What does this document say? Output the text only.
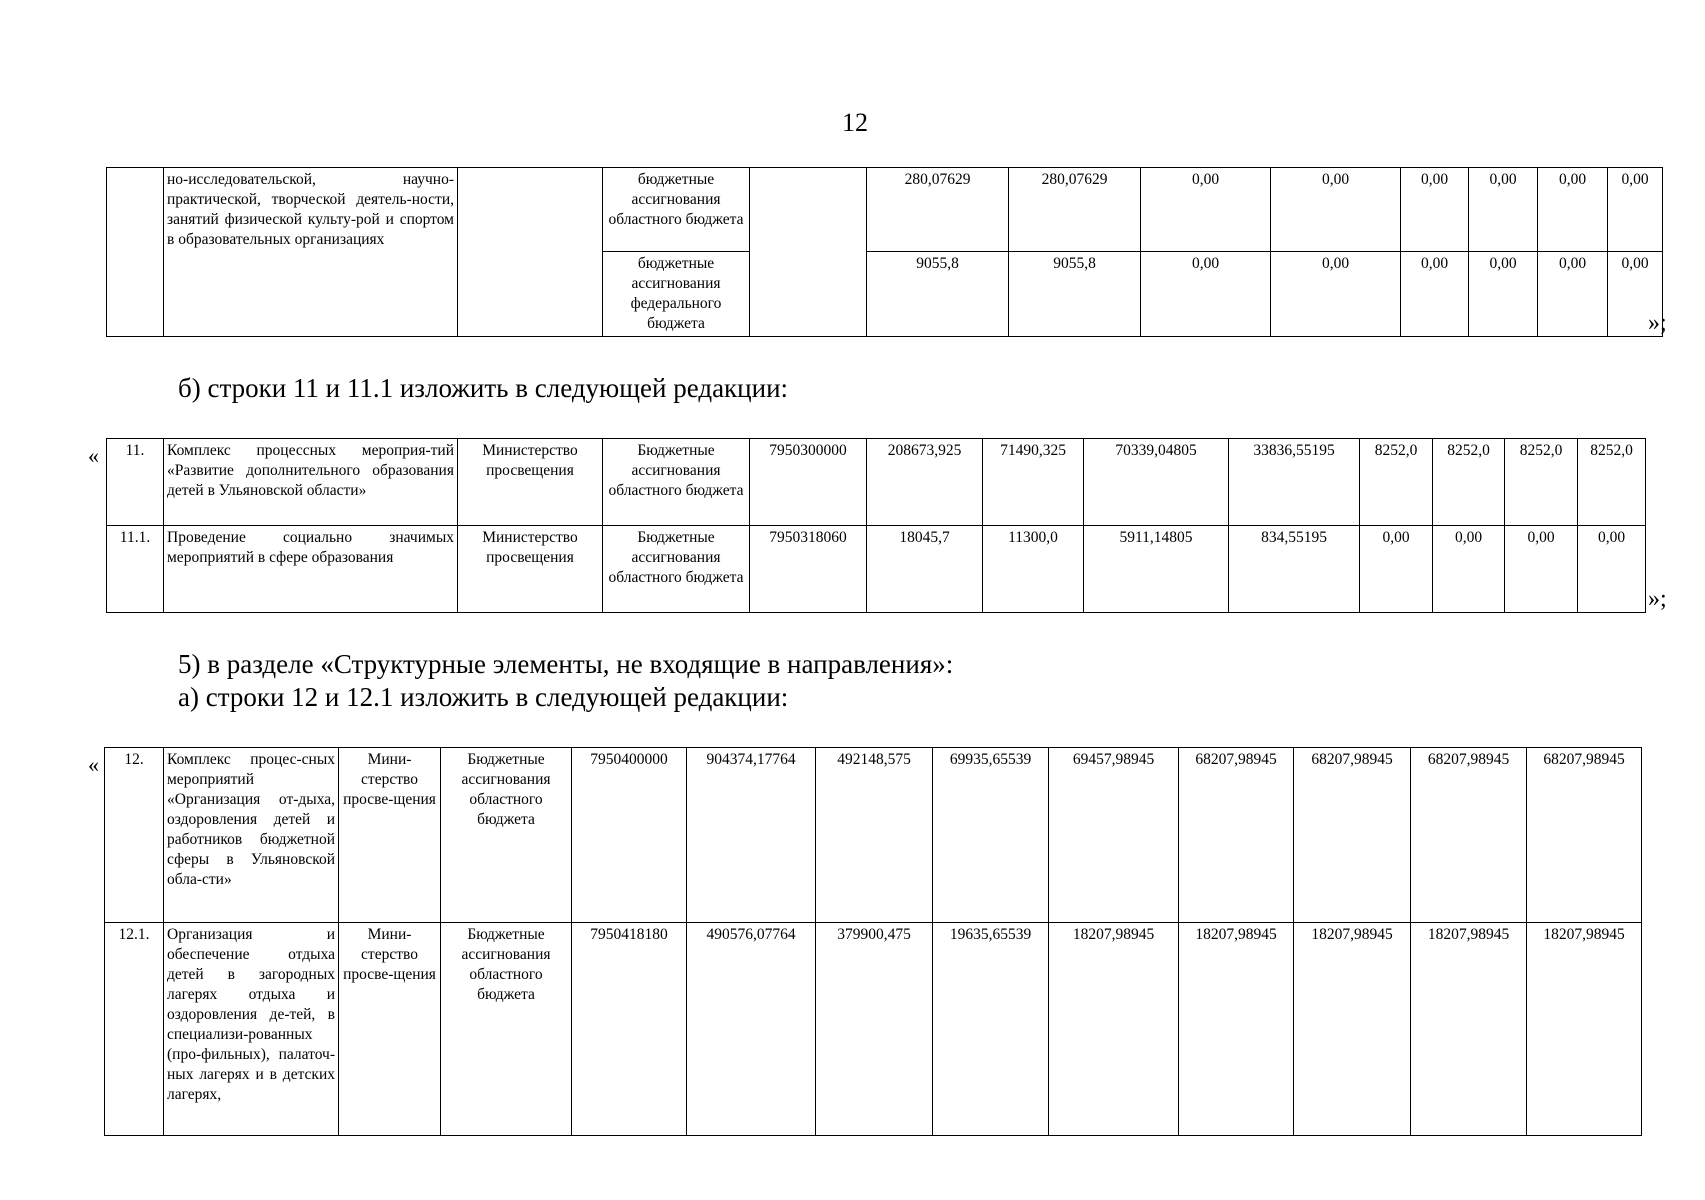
12
	но-исследовательской, научно-практической, творческой деятель-ности, занятий физической культу-рой и спортом в образовательных организациях		бюджетные ассигнования областного бюджета		280,07629	280,07629	0,00	0,00	0,00	0,00	0,00	0,00
			бюджетные ассигнования федерального бюджета		9055,8	9055,8	0,00	0,00	0,00	0,00	0,00	0,00
»;
б) строки 11 и 11.1 изложить в следующей редакции:
« 11.	Комплекс процессных мероприя-тий «Развитие дополнительного образования детей в Ульяновской области»	Министерство просвещения	Бюджетные ассигнования областного бюджета	7950300000	208673,925	71490,325	70339,04805	33836,55195	8252,0	8252,0	8252,0	8252,0
11.1.	Проведение социально значимых мероприятий в сфере образования	Министерство просвещения	Бюджетные ассигнования областного бюджета	7950318060	18045,7	11300,0	5911,14805	834,55195	0,00	0,00	0,00	0,00
»;
5) в разделе «Структурные элементы, не входящие в направления»:
а) строки 12 и 12.1 изложить в следующей редакции:
« 12.	Комплекс процес-сных мероприятий «Организация от-дыха, оздоровления детей и работников бюджетной сферы в Ульяновской обла-сти»	Мини-стерство просве-щения	Бюджетные ассигнования областного бюджета	7950400000	904374,17764	492148,575	69935,65539	69457,98945	68207,98945	68207,98945	68207,98945	68207,98945
12.1.	Организация и обеспечение отдыха детей в загородных лагерях отдыха и оздоровления де-тей, в специализи-рованных (про-фильных), палаточ-ных лагерях и в детских лагерях,	Мини-стерство просве-щения	Бюджетные ассигнования областного бюджета	7950418180	490576,07764	379900,475	19635,65539	18207,98945	18207,98945	18207,98945	18207,98945	18207,98945
